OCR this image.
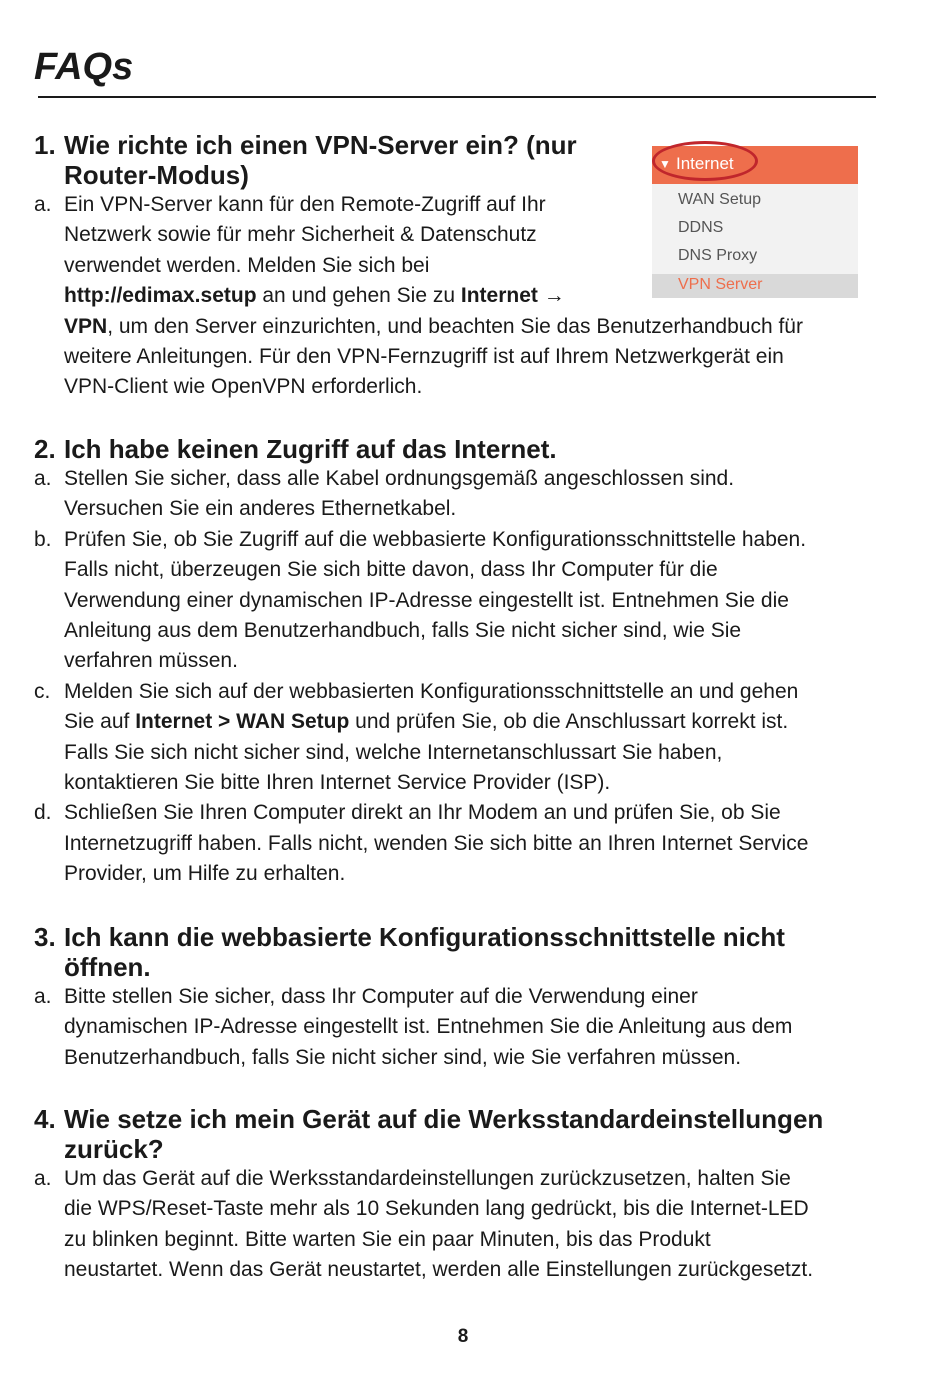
FAQs
1. Wie richte ich einen VPN-Server ein? (nur Router-Modus)
a. Ein VPN-Server kann für den Remote-Zugriff auf Ihr
Netzwerk sowie für mehr Sicherheit & Datenschutz
verwendet werden. Melden Sie sich bei
http://edimax.setup an und gehen Sie zu Internet →
VPN, um den Server einzurichten, und beachten Sie das Benutzerhandbuch für
weitere Anleitungen. Für den VPN-Fernzugriff ist auf Ihrem Netzwerkgerät ein
VPN-Client wie OpenVPN erforderlich.
▼ Internet
WAN Setup
DDNS
DNS Proxy
VPN Server
2. Ich habe keinen Zugriff auf das Internet.
a. Stellen Sie sicher, dass alle Kabel ordnungsgemäß angeschlossen sind.
Versuchen Sie ein anderes Ethernetkabel.
b. Prüfen Sie, ob Sie Zugriff auf die webbasierte Konfigurationsschnittstelle haben.
Falls nicht, überzeugen Sie sich bitte davon, dass Ihr Computer für die
Verwendung einer dynamischen IP-Adresse eingestellt ist. Entnehmen Sie die
Anleitung aus dem Benutzerhandbuch, falls Sie nicht sicher sind, wie Sie
verfahren müssen.
c. Melden Sie sich auf der webbasierten Konfigurationsschnittstelle an und gehen
Sie auf Internet > WAN Setup und prüfen Sie, ob die Anschlussart korrekt ist.
Falls Sie sich nicht sicher sind, welche Internetanschlussart Sie haben,
kontaktieren Sie bitte Ihren Internet Service Provider (ISP).
d. Schließen Sie Ihren Computer direkt an Ihr Modem an und prüfen Sie, ob Sie
Internetzugriff haben. Falls nicht, wenden Sie sich bitte an Ihren Internet Service
Provider, um Hilfe zu erhalten.
3. Ich kann die webbasierte Konfigurationsschnittstelle nicht öffnen.
a. Bitte stellen Sie sicher, dass Ihr Computer auf die Verwendung einer
dynamischen IP-Adresse eingestellt ist. Entnehmen Sie die Anleitung aus dem
Benutzerhandbuch, falls Sie nicht sicher sind, wie Sie verfahren müssen.
4. Wie setze ich mein Gerät auf die Werksstandardeinstellungen zurück?
a. Um das Gerät auf die Werksstandardeinstellungen zurückzusetzen, halten Sie
die WPS/Reset-Taste mehr als 10 Sekunden lang gedrückt, bis die Internet-LED
zu blinken beginnt. Bitte warten Sie ein paar Minuten, bis das Produkt
neustartet. Wenn das Gerät neustartet, werden alle Einstellungen zurückgesetzt.
8
